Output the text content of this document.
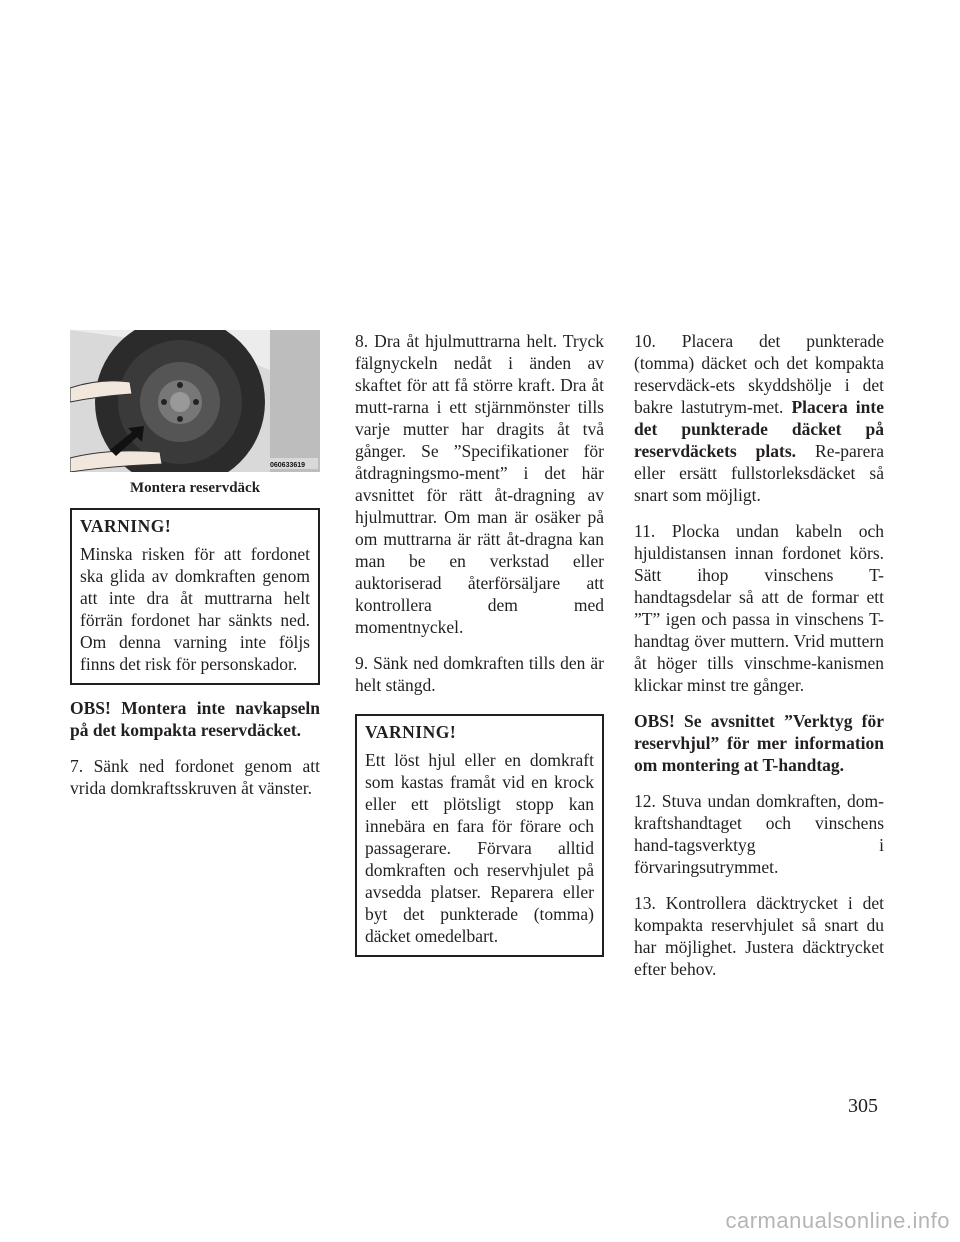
060633619
Montera reservdäck
VARNING!

Minska risken för att fordonet ska glida av domkraften genom att inte dra åt muttrarna helt förrän fordonet har sänkts ned. Om denna varning inte följs finns det risk för personskador.

OBS! Montera inte navkapseln på det kompakta reservdäcket.

7. Sänk ned fordonet genom att vrida domkraftsskruven åt vänster.

8. Dra åt hjulmuttrarna helt. Tryck fälgnyckeln nedåt i änden av skaftet för att få större kraft. Dra åt mutt-rarna i ett stjärnmönster tills varje mutter har dragits åt två gånger. Se ”Specifikationer för åtdragningsmo-ment” i det här avsnittet för rätt åt-dragning av hjulmuttrar. Om man är osäker på om muttrarna är rätt åt-dragna kan man be en verkstad eller auktoriserad återförsäljare att kontrollera dem med momentnyckel.

9. Sänk ned domkraften tills den är helt stängd.

VARNING!

Ett löst hjul eller en domkraft som kastas framåt vid en krock eller ett plötsligt stopp kan innebära en fara för förare och passagerare. Förvara alltid domkraften och reservhjulet på avsedda platser. Reparera eller byt det punkterade (tomma) däcket omedelbart.

10. Placera det punkterade (tomma) däcket och det kompakta reservdäck-ets skyddshölje i det bakre lastutrym-met. Placera inte det punkterade däcket på reservdäckets plats. Re-parera eller ersätt fullstorleksdäcket så snart som möjligt.

11. Plocka undan kabeln och hjuldistansen innan fordonet körs. Sätt ihop vinschens T-handtagsdelar så att de formar ett ”T” igen och passa in vinschens T-handtag över muttern. Vrid muttern åt höger tills vinschme-kanismen klickar minst tre gånger.

OBS! Se avsnittet ”Verktyg för reservhjul” för mer information om montering at T-handtag.

12. Stuva undan domkraften, dom-kraftshandtaget och vinschens hand-tagsverktyg i förvaringsutrymmet.

13. Kontrollera däcktrycket i det kompakta reservhjulet så snart du har möjlighet. Justera däcktrycket efter behov.

305
carmanualsonline.info
